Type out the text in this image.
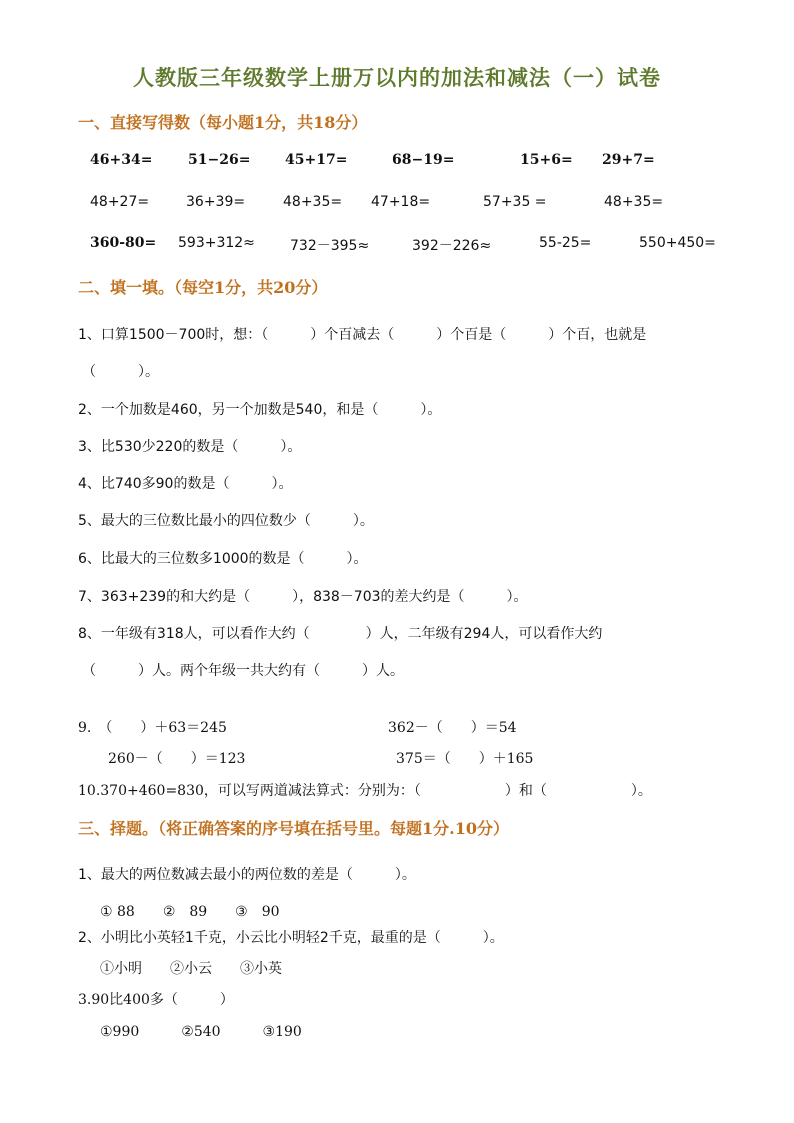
人教版三年级数学上册万以内的加法和减法（一）试卷
一、直接写得数（每小题1分，共18分）
46+34=	51−26= 45+17=	68−19=	15+6= 29+7=
48+27=	36+39=	48+35= 47+18=	57+35 =	48+35=
360-80= 593+312≈	732－395≈	392－226≈	55-25=	550+450=
二、填一填。（每空1分，共20分）
1、口算1500－700时，想：（　　　）个百减去（　　　）个百是（　　　）个百，也就是
（　　　）。
2、一个加数是460，另一个加数是540，和是（　　　）。
3、比530少220的数是（　　　）。
4、比740多90的数是（　　　）。
5、最大的三位数比最小的四位数少（　　　）。
6、比最大的三位数多1000的数是（　　　）。
7、363+239的和大约是（　　　），838－703的差大约是（　　　）。
8、一年级有318人，可以看作大约（　　　　）人，二年级有294人，可以看作大约
（　　　）人。两个年级一共大约有（　　　）人。
9.　（　　）＋63＝245	362－（　　）＝54
260－（　　）＝123	375＝（　　）＋165
10.370+460=830，可以写两道减法算式：分别为：（　　　　　　）和（　　　　　　）。
三、择题。（将正确答案的序号填在括号里。每题1分.10分）
1、最大的两位数减去最小的两位数的差是（　　　）。
① 88　　②　89　　③　90
2、小明比小英轻1千克，小云比小明轻2千克，最重的是（　　　）。
①小明　　②小云　　③小英
3.90比400多（　　　）
①990　　　②540　　　③190
